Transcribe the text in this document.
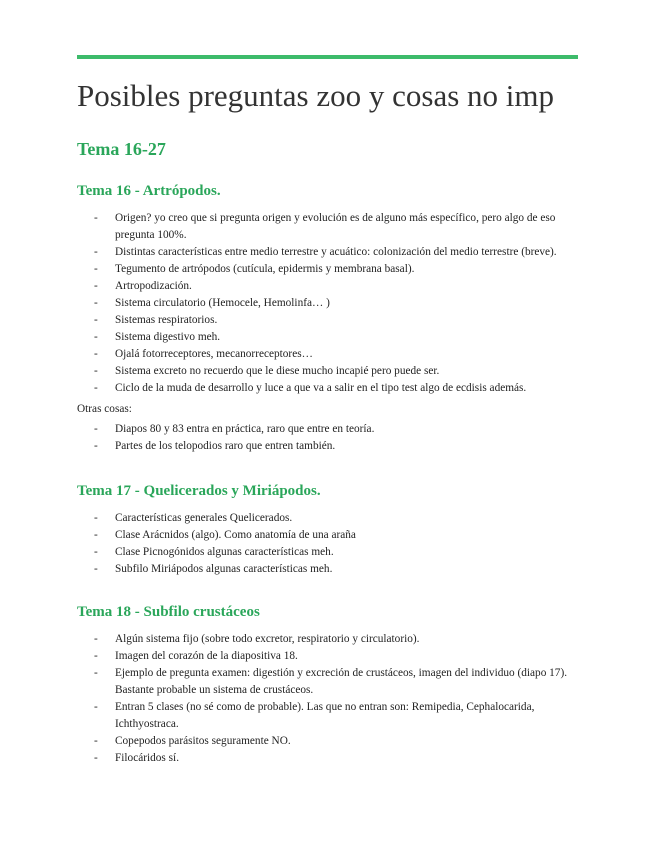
Posibles preguntas zoo y cosas no imp
Tema 16-27
Tema 16 - Artrópodos.
- Origen? yo creo que si pregunta origen y evolución es de alguno más específico, pero algo de eso pregunta 100%.
- Distintas características entre medio terrestre y acuático: colonización del medio terrestre (breve).
- Tegumento de artrópodos (cutícula, epidermis y membrana basal).
- Artropodización.
- Sistema circulatorio (Hemocele, Hemolinfa… )
- Sistemas respiratorios.
- Sistema digestivo meh.
- Ojalá fotorreceptores, mecanorreceptores…
- Sistema excreto no recuerdo que le diese mucho incapié pero puede ser.
- Ciclo de la muda de desarrollo y luce a que va a salir en el tipo test algo de ecdisis además.

Otras cosas:

- Diapos 80 y 83 entra en práctica, raro que entre en teoría.
- Partes de los telopodios raro que entren también.
Tema 17 - Quelicerados y Miriápodos.
- Características generales Quelicerados.
- Clase Arácnidos (algo). Como anatomía de una araña
- Clase Picnogónidos algunas características meh.
- Subfilo Miriápodos algunas características meh.
Tema 18 - Subfilo crustáceos
- Algún sistema fijo (sobre todo excretor, respiratorio y circulatorio).
- Imagen del corazón de la diapositiva 18.
- Ejemplo de pregunta examen: digestión y excreción de crustáceos, imagen del individuo (diapo 17). Bastante probable un sistema de crustáceos.
- Entran 5 clases (no sé como de probable). Las que no entran son: Remipedia, Cephalocarida, Ichthyostraca.
- Copepodos parásitos seguramente NO.
- Filocáridos sí.
